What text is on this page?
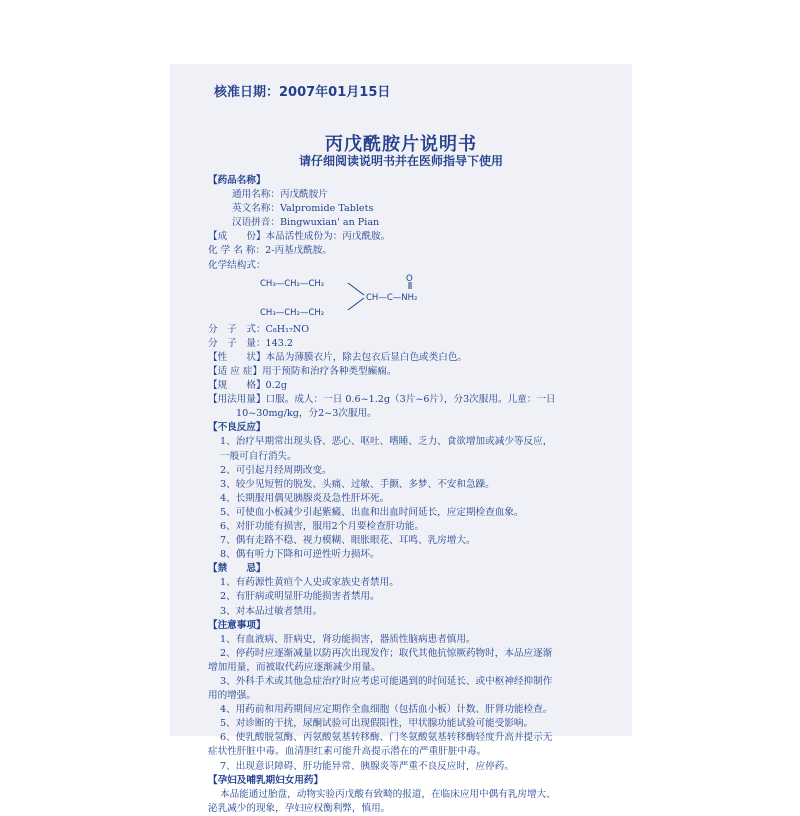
核准日期：2007年01月15日
丙戊酰胺片说明书
请仔细阅读说明书并在医师指导下使用
【药品名称】
通用名称：丙戊酰胺片
英文名称：Valpromide Tablets
汉语拼音：Bingwuxian' an Pian
【成　　份】本品活性成份为：丙戊酰胺。
化 学 名 称：2-丙基戊酰胺。
化学结构式：
CH₃—CH₂—CH₂
CH₃—CH₂—CH₂
O
CH—C—NH₂
分　子　式：C₈H₁₇NO
分　子　量：143.2
【性　　状】本品为薄膜衣片，除去包衣后显白色或类白色。
【适 应 症】用于预防和治疗各种类型癫痫。
【规　　格】0.2g
【用法用量】口服。成人：一日 0.6~1.2g（3片~6片），分3次服用。儿童：一日
10~30mg/kg，分2~3次服用。
【不良反应】
1、治疗早期常出现头昏、恶心、呕吐、嗜睡、乏力、食欲增加或减少等反应，
一般可自行消失。
2、可引起月经周期改变。
3、较少见短暂的脱发、头痛、过敏、手颤、多梦、不安和急躁。
4、长期服用偶见胰腺炎及急性肝坏死。
5、可使血小板减少引起紫癜、出血和出血时间延长，应定期检查血象。
6、对肝功能有损害，服用2个月要检查肝功能。
7、偶有走路不稳、视力模糊、眼胀眼花、耳鸣、乳房增大。
8、偶有听力下降和可逆性听力损坏。
【禁　　忌】
1、有药源性黄疸个人史或家族史者禁用。
2、有肝病或明显肝功能损害者禁用。
3、对本品过敏者禁用。
【注意事项】
1、有血液病、肝病史，肾功能损害，器质性脑病患者慎用。
2、停药时应逐渐减量以防再次出现发作；取代其他抗惊厥药物时，本品应逐渐
增加用量，而被取代药应逐渐减少用量。
3、外科手术或其他急症治疗时应考虑可能遇到的时间延长、或中枢神经抑制作
用的增强。
4、用药前和用药期间应定期作全血细胞（包括血小板）计数、肝肾功能检查。
5、对诊断的干扰，尿酮试验可出现假阳性，甲状腺功能试验可能受影响。
6、使乳酸脱氢酶、丙氨酸氨基转移酶、门冬氨酸氨基转移酶轻度升高并提示无
症状性肝脏中毒。血清胆红素可能升高提示潜在的严重肝脏中毒。
7、出现意识障碍、肝功能异常、胰腺炎等严重不良反应时，应停药。
【孕妇及哺乳期妇女用药】
本品能通过胎盘，动物实验丙戊酸有致畸的报道，在临床应用中偶有乳房增大、
泌乳减少的现象，孕妇应权衡利弊，慎用。
